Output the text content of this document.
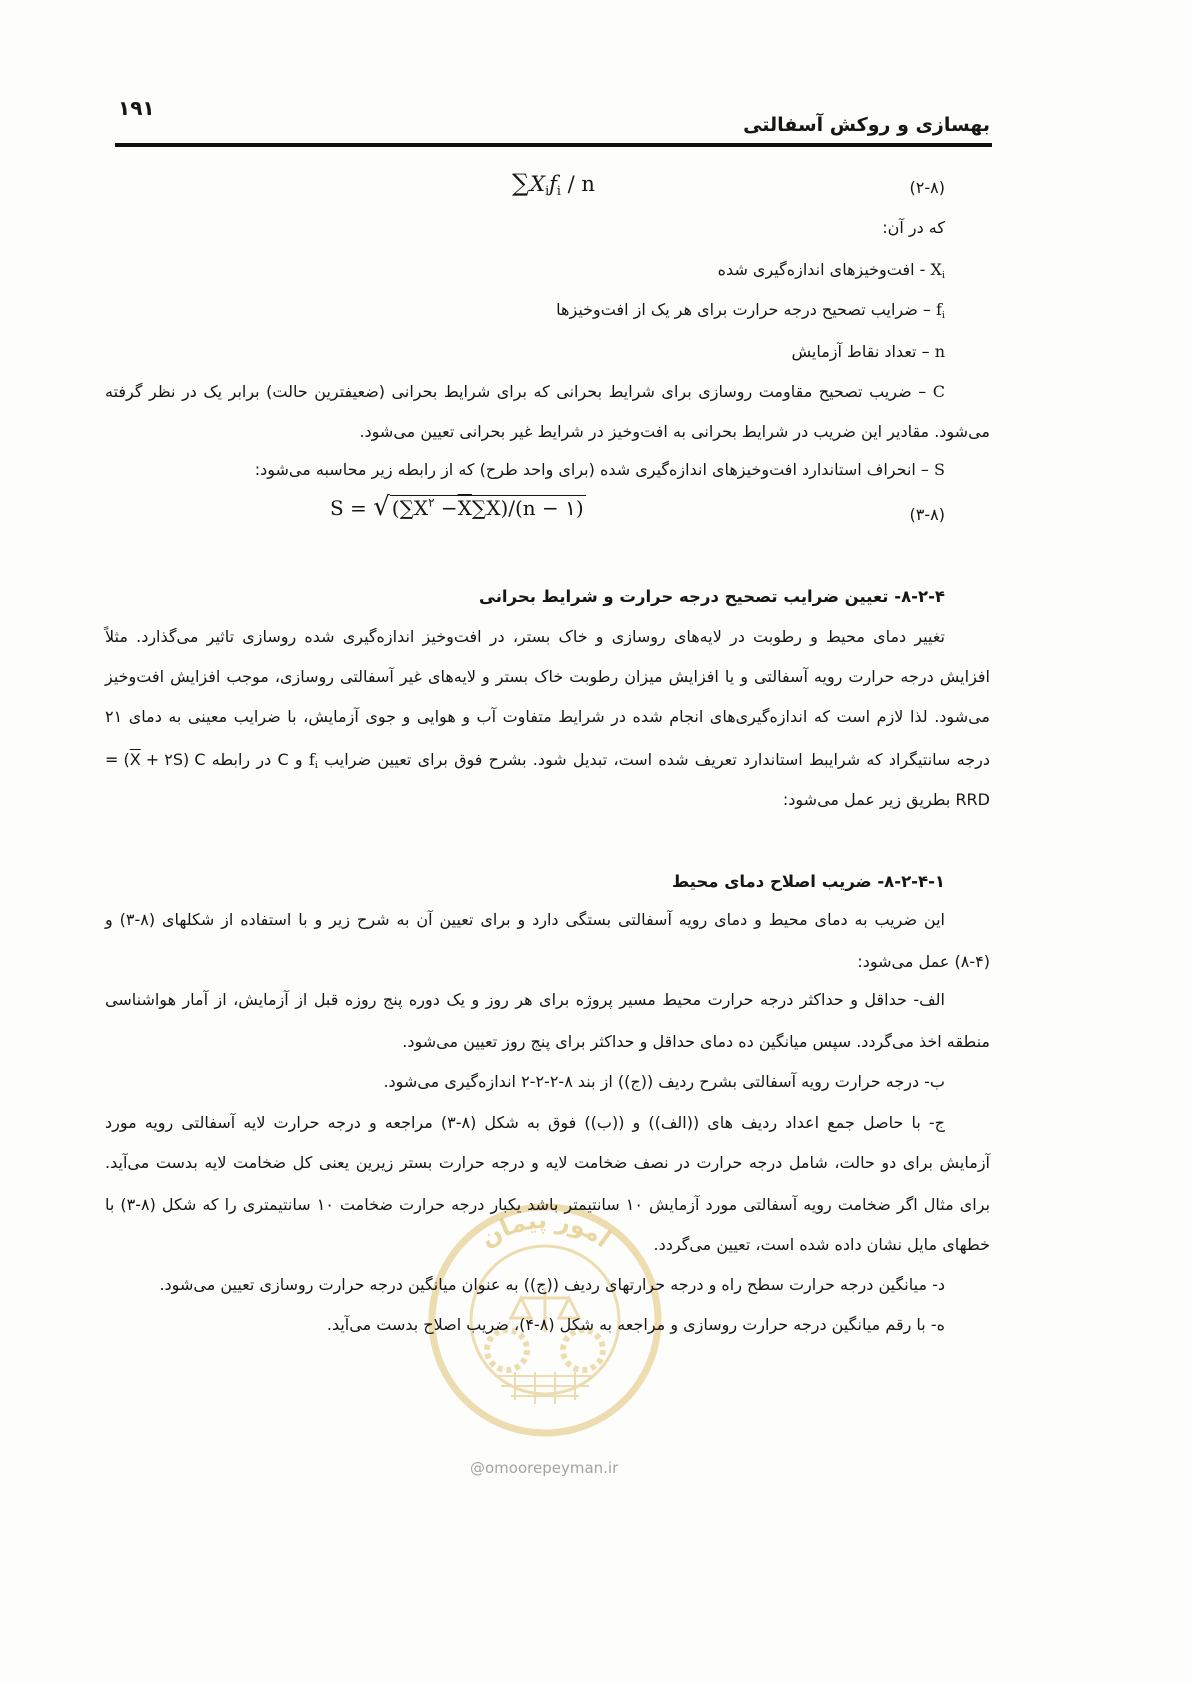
امور پیمان
@omoorepeyman.ir
۱۹۱
بهسازی و روکش آسفالتی
$\sum X_if_i$ / n	(۲-۸)
که در آن:
$X_i$ - افت‌وخیزهای اندازه‌گیری شده
$f_i$ – ضرایب تصحیح درجه حرارت برای هر یک از افت‌وخیزها
n – تعداد نقاط آزمایش
C – ضریب تصحیح مقاومت روسازی برای شرایط بحرانی که برای شرایط بحرانی (ضعیفترین حالت) برابر یک در نظر گرفته
می‌شود. مقادیر این ضریب در شرایط بحرانی به افت‌وخیز در شرایط غیر بحرانی تعیین می‌شود.
S – انحراف استاندارد افت‌وخیزهای اندازه‌گیری شده (برای واحد طرح) که از رابطه زیر محاسبه می‌شود:
S = √ $(\sum X^۲ -\overline{X}\sum X)/(n$ − ۱)	(۳-۸)
۸-۲-۴- تعیین ضرایب تصحیح درجه حرارت و شرایط بحرانی
تغییر دمای محیط و رطوبت در لایه‌های روسازی و خاک بستر، در افت‌وخیز اندازه‌گیری شده روسازی تاثیر می‌گذارد. مثلاً
افزایش درجه حرارت رویه آسفالتی و یا افزایش میزان رطوبت خاک بستر و لایه‌های غیر آسفالتی روسازی، موجب افزایش افت‌وخیز
می‌شود. لذا لازم است که اندازه‌گیری‌های انجام شده در شرایط متفاوت آب و هوایی و جوی آزمایش، با ضرایب معینی به دمای ۲۱
درجه سانتیگراد که شرایبط استاندارد تعریف شده است، تبدیل شود. بشرح فوق برای تعیین ضرایب $f_i$ و C در رابطه = ($\overline{X}$ + ۲S) C
RRD بطریق زیر عمل می‌شود:
۸-۲-۴-۱- ضریب اصلاح دمای محیط
این ضریب به دمای محیط و دمای رویه آسفالتی بستگی دارد و برای تعیین آن به شرح زیر و با استفاده از شکلهای (۸-۳) و
(۸-۴) عمل می‌شود:
الف- حداقل و حداکثر درجه حرارت محیط مسیر پروژه برای هر روز و یک دوره پنج روزه قبل از آزمایش، از آمار هواشناسی
منطقه اخذ می‌گردد. سپس میانگین ده دمای حداقل و حداکثر برای پنج روز تعیین می‌شود.
ب- درجه حرارت رویه آسفالتی بشرح ردیف ((ج)) از بند ۸-۲-۲-۲ اندازه‌گیری می‌شود.
ج- با حاصل جمع اعداد ردیف های ((الف)) و ((ب)) فوق به شکل (۸-۳) مراجعه و درجه حرارت لایه آسفالتی رویه مورد
آزمایش برای دو حالت، شامل درجه حرارت در نصف ضخامت لایه و درجه حرارت بستر زیرین یعنی کل ضخامت لایه بدست می‌آید.
برای مثال اگر ضخامت رویه آسفالتی مورد آزمایش ۱۰ سانتیمتر باشد یکبار درجه حرارت ضخامت ۱۰ سانتیمتری را که شکل (۸-۳) با
خطهای مایل نشان داده شده است، تعیین می‌گردد.
د- میانگین درجه حرارت سطح راه و درجه حرارتهای ردیف ((ج)) به عنوان میانگین درجه حرارت روسازی تعیین می‌شود.
ه- با رقم میانگین درجه حرارت روسازی و مراجعه به شکل (۸-۴)، ضریب اصلاح بدست می‌آید.
